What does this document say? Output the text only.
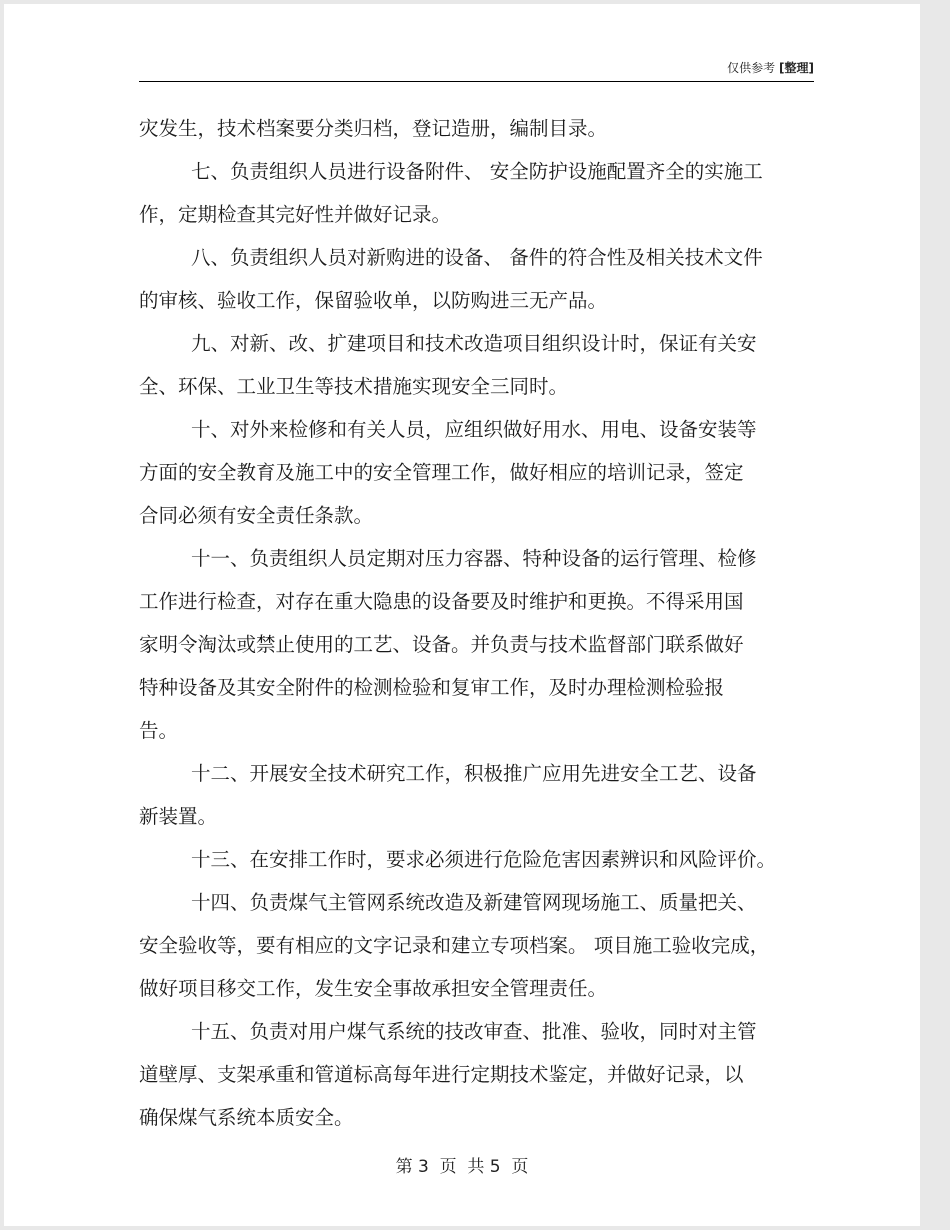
仅供参考 [整理]
灾发生，技术档案要分类归档，登记造册，编制目录。
七、负责组织人员进行设备附件、 安全防护设施配置齐全的实施工
作，定期检查其完好性并做好记录。
八、负责组织人员对新购进的设备、 备件的符合性及相关技术文件
的审核、验收工作，保留验收单，以防购进三无产品。
九、对新、改、扩建项目和技术改造项目组织设计时，保证有关安
全、环保、工业卫生等技术措施实现安全三同时。
十、对外来检修和有关人员，应组织做好用水、用电、设备安装等
方面的安全教育及施工中的安全管理工作，做好相应的培训记录，签定
合同必须有安全责任条款。
十一、负责组织人员定期对压力容器、特种设备的运行管理、检修
工作进行检查，对存在重大隐患的设备要及时维护和更换。不得采用国
家明令淘汰或禁止使用的工艺、设备。并负责与技术监督部门联系做好
特种设备及其安全附件的检测检验和复审工作，及时办理检测检验报
告。
十二、开展安全技术研究工作，积极推广应用先进安全工艺、设备
新装置。
十三、在安排工作时，要求必须进行危险危害因素辨识和风险评价。
十四、负责煤气主管网系统改造及新建管网现场施工、质量把关、
安全验收等，要有相应的文字记录和建立专项档案。 项目施工验收完成，
做好项目移交工作，发生安全事故承担安全管理责任。
十五、负责对用户煤气系统的技改审查、批准、验收，同时对主管
道壁厚、支架承重和管道标高每年进行定期技术鉴定，并做好记录，以
确保煤气系统本质安全。
第 3  页  共 5  页
